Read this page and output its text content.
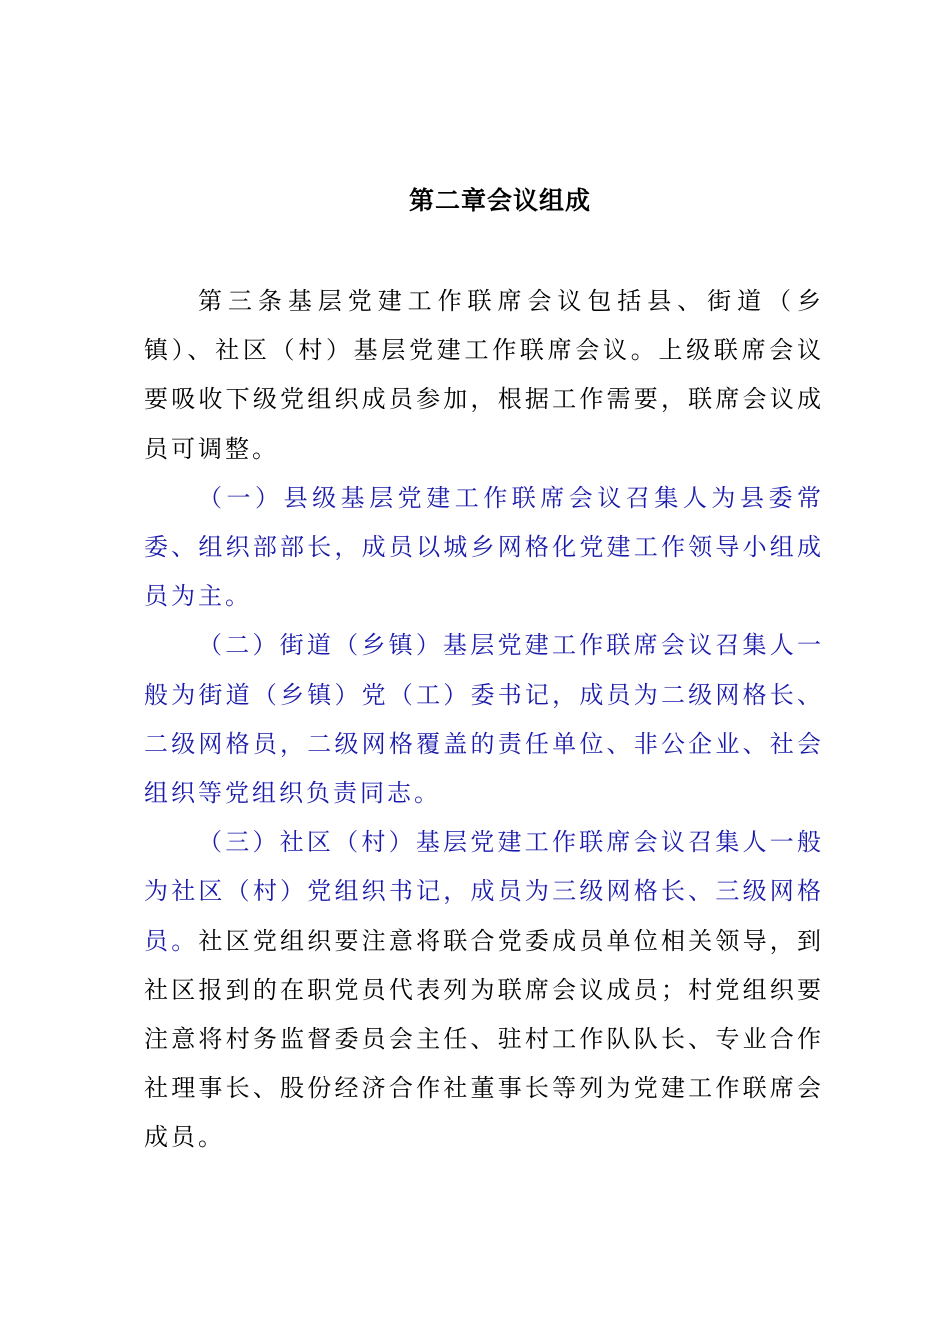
第二章会议组成

第三条基层党建工作联席会议包括县、街道（乡镇）、社区（村）基层党建工作联席会议。上级联席会议要吸收下级党组织成员参加，根据工作需要，联席会议成员可调整。

（一）县级基层党建工作联席会议召集人为县委常委、组织部部长，成员以城乡网格化党建工作领导小组成员为主。

（二）街道（乡镇）基层党建工作联席会议召集人一般为街道（乡镇）党（工）委书记，成员为二级网格长、二级网格员，二级网格覆盖的责任单位、非公企业、社会组织等党组织负责同志。

（三）社区（村）基层党建工作联席会议召集人一般为社区（村）党组织书记，成员为三级网格长、三级网格员。社区党组织要注意将联合党委成员单位相关领导，到社区报到的在职党员代表列为联席会议成员；村党组织要注意将村务监督委员会主任、驻村工作队队长、专业合作社理事长、股份经济合作社董事长等列为党建工作联席会成员。
